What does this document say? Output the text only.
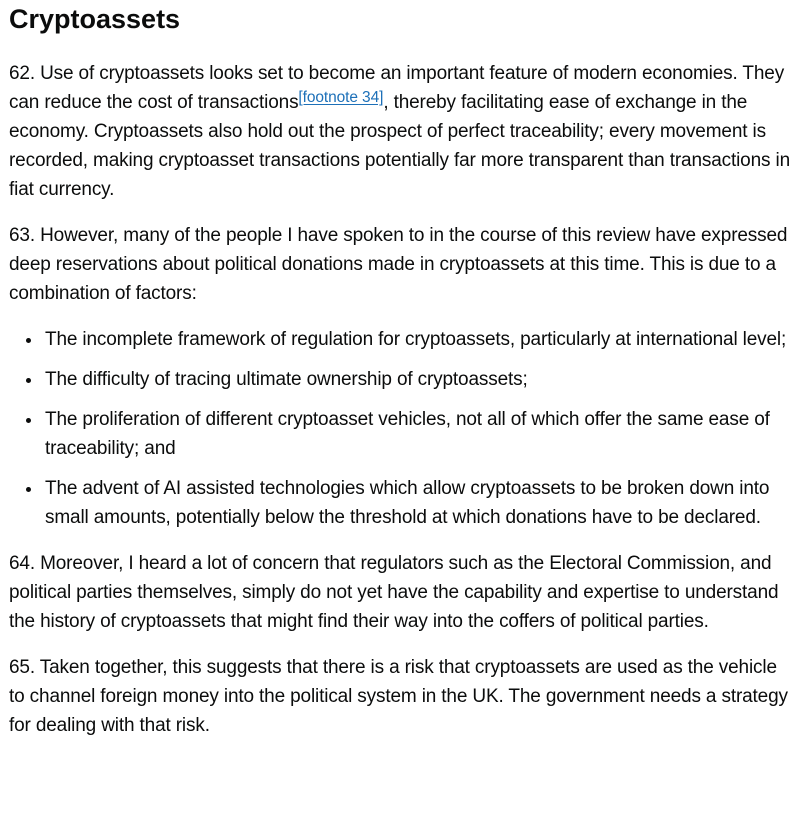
Cryptoassets

62. Use of cryptoassets looks set to become an important feature of modern economies. They can reduce the cost of transactions[footnote 34], thereby facilitating ease of exchange in the economy. Cryptoassets also hold out the prospect of perfect traceability; every movement is recorded, making cryptoasset transactions potentially far more transparent than transactions in fiat currency.

63. However, many of the people I have spoken to in the course of this review have expressed deep reservations about political donations made in cryptoassets at this time. This is due to a combination of factors:

• The incomplete framework of regulation for cryptoassets, particularly at international level;
• The difficulty of tracing ultimate ownership of cryptoassets;
• The proliferation of different cryptoasset vehicles, not all of which offer the same ease of traceability; and
• The advent of AI assisted technologies which allow cryptoassets to be broken down into small amounts, potentially below the threshold at which donations have to be declared.

64. Moreover, I heard a lot of concern that regulators such as the Electoral Commission, and political parties themselves, simply do not yet have the capability and expertise to understand the history of cryptoassets that might find their way into the coffers of political parties.

65. Taken together, this suggests that there is a risk that cryptoassets are used as the vehicle to channel foreign money into the political system in the UK. The government needs a strategy for dealing with that risk.
